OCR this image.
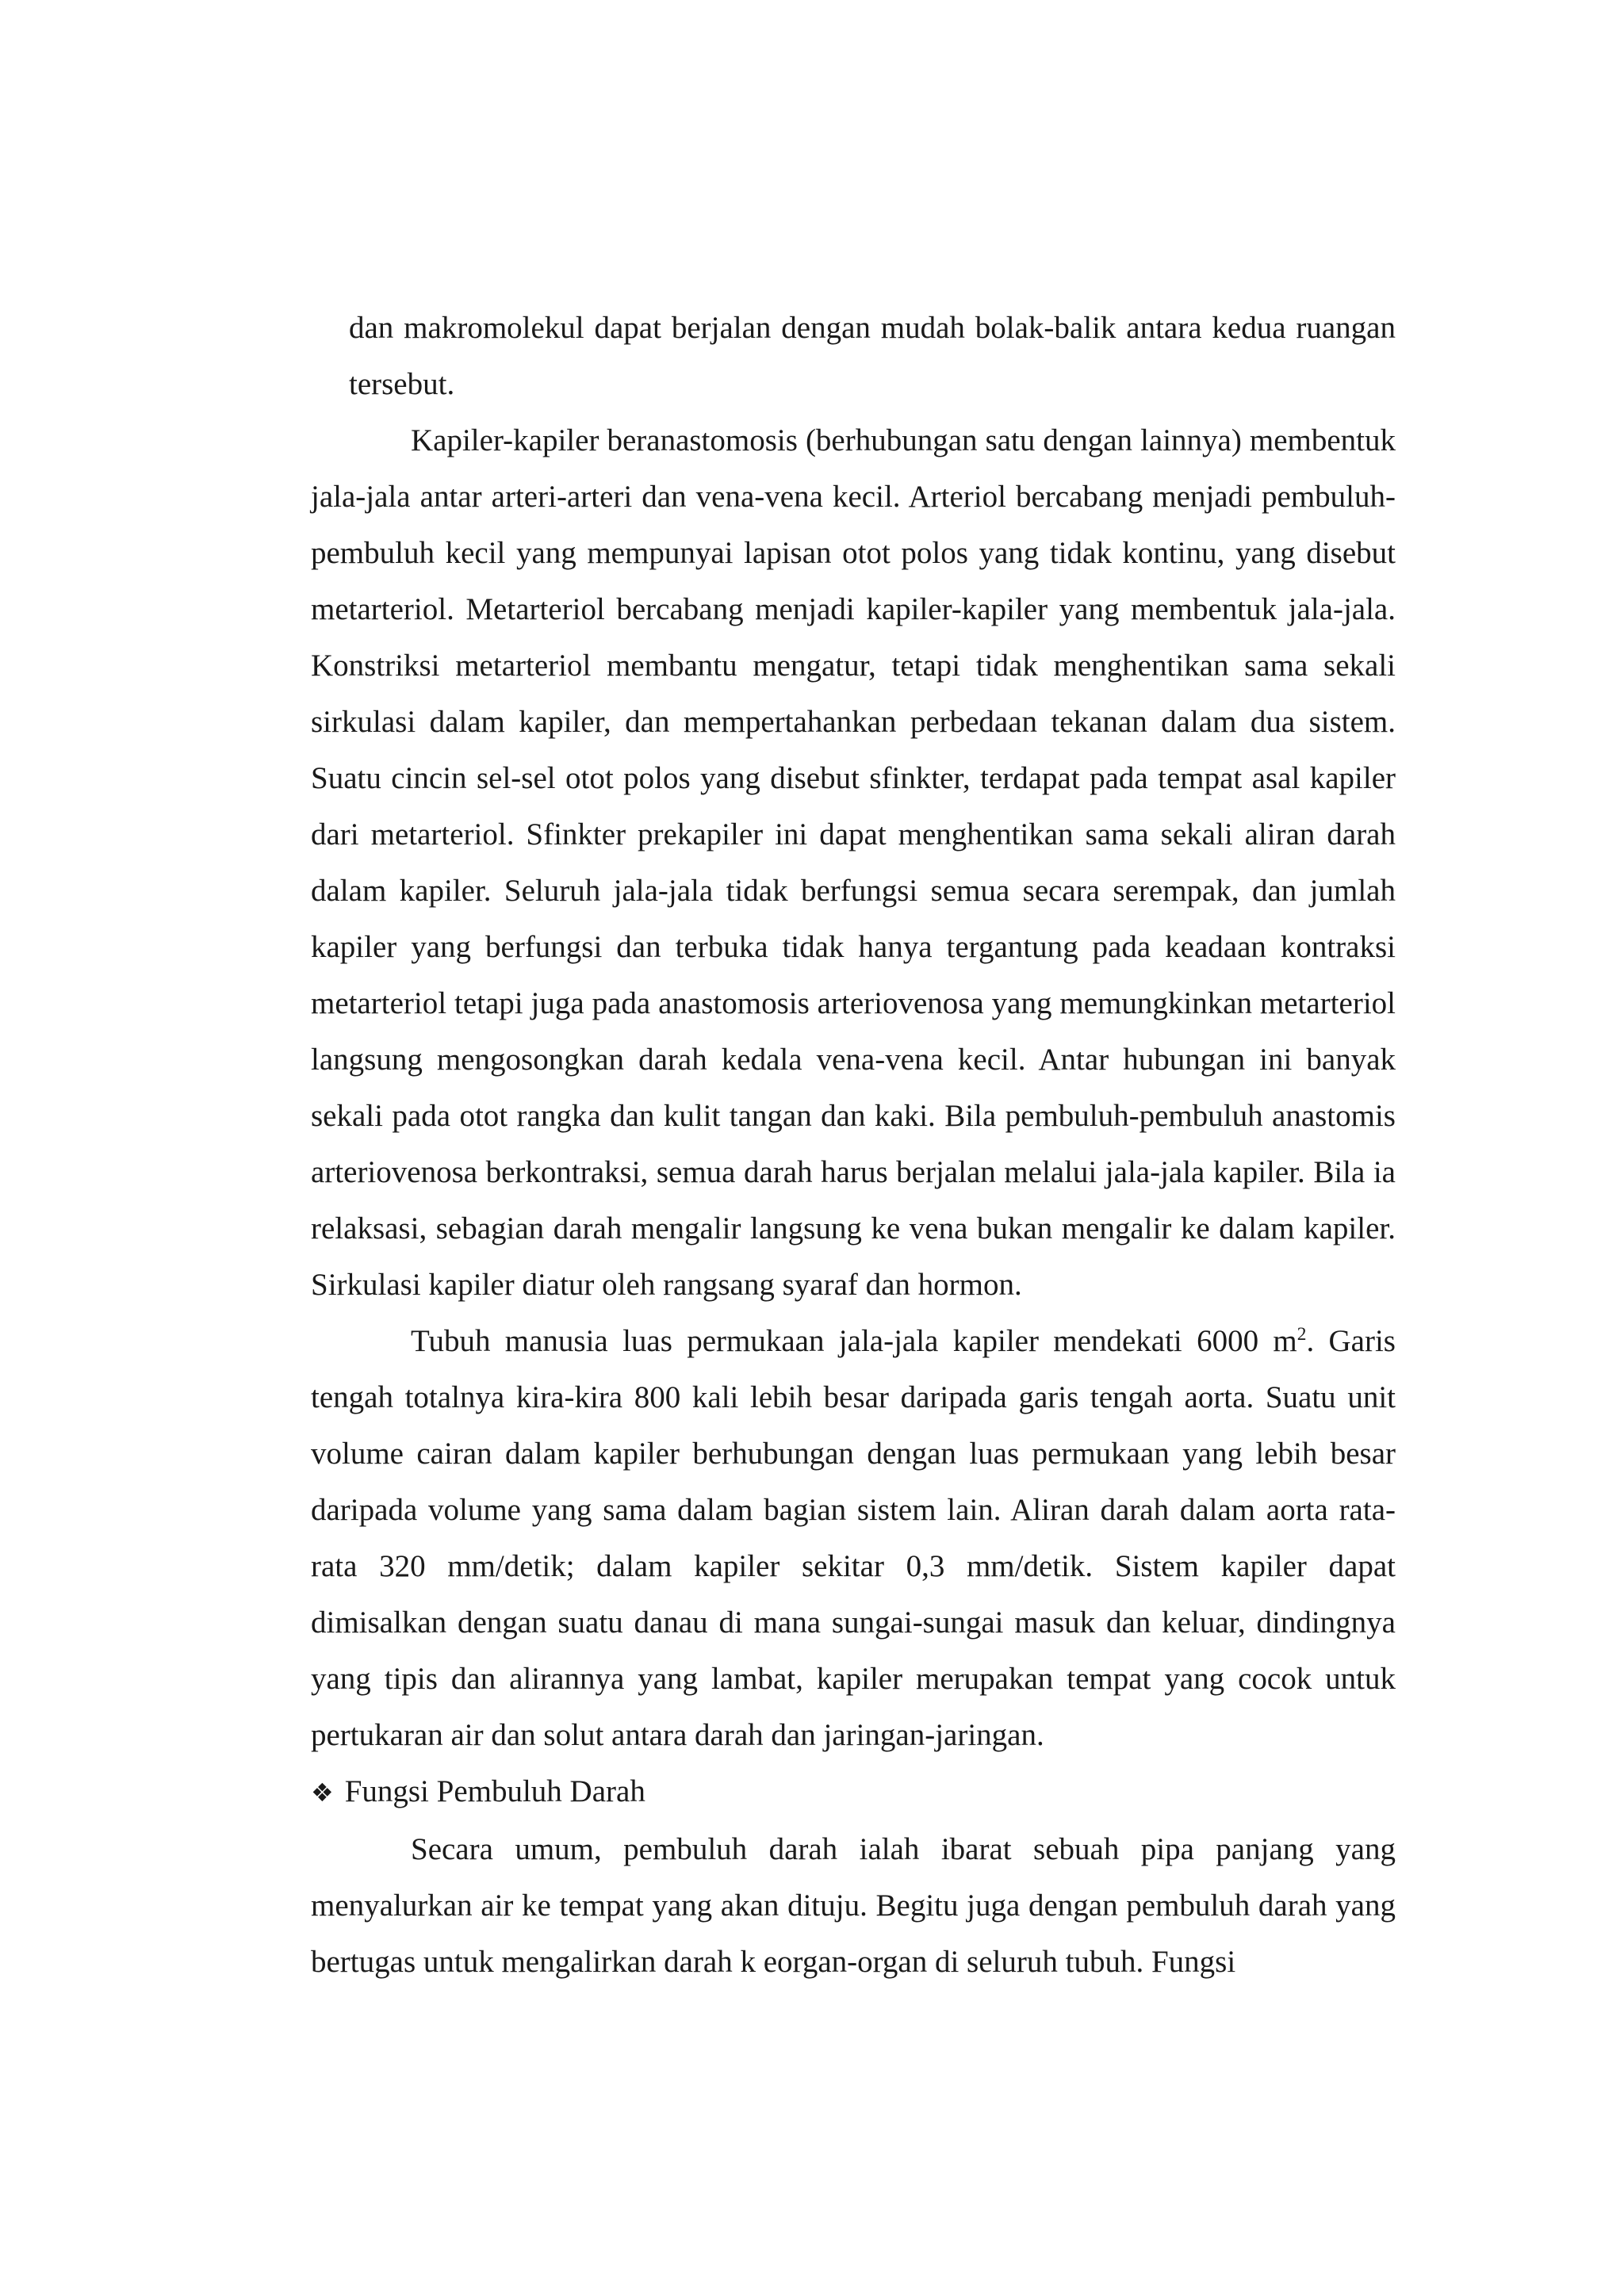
dan makromolekul dapat berjalan dengan mudah bolak-balik antara kedua ruangan tersebut.

Kapiler-kapiler beranastomosis (berhubungan satu dengan lainnya) membentuk jala-jala antar arteri-arteri dan vena-vena kecil. Arteriol bercabang menjadi pembuluh-pembuluh kecil yang mempunyai lapisan otot polos yang tidak kontinu, yang disebut metarteriol. Metarteriol bercabang menjadi kapiler-kapiler yang membentuk jala-jala. Konstriksi metarteriol membantu mengatur, tetapi tidak menghentikan sama sekali sirkulasi dalam kapiler, dan mempertahankan perbedaan tekanan dalam dua sistem. Suatu cincin sel-sel otot polos yang disebut sfinkter, terdapat pada tempat asal kapiler dari metarteriol. Sfinkter prekapiler ini dapat menghentikan sama sekali aliran darah dalam kapiler. Seluruh jala-jala tidak berfungsi semua secara serempak, dan jumlah kapiler yang berfungsi dan terbuka tidak hanya tergantung pada keadaan kontraksi metarteriol tetapi juga pada anastomosis arteriovenosa yang memungkinkan metarteriol langsung mengosongkan darah kedala vena-vena kecil. Antar hubungan ini banyak sekali pada otot rangka dan kulit tangan dan kaki. Bila pembuluh-pembuluh anastomis arteriovenosa berkontraksi, semua darah harus berjalan melalui jala-jala kapiler. Bila ia relaksasi, sebagian darah mengalir langsung ke vena bukan mengalir ke dalam kapiler. Sirkulasi kapiler diatur oleh rangsang syaraf dan hormon.

Tubuh manusia luas permukaan jala-jala kapiler mendekati 6000 $m^2$. Garis tengah totalnya kira-kira 800 kali lebih besar daripada garis tengah aorta. Suatu unit volume cairan dalam kapiler berhubungan dengan luas permukaan yang lebih besar daripada volume yang sama dalam bagian sistem lain. Aliran darah dalam aorta rata-rata 320 mm/detik; dalam kapiler sekitar 0,3 mm/detik. Sistem kapiler dapat dimisalkan dengan suatu danau di mana sungai-sungai masuk dan keluar, dindingnya yang tipis dan alirannya yang lambat, kapiler merupakan tempat yang cocok untuk pertukaran air dan solut antara darah dan jaringan-jaringan.

❖ Fungsi Pembuluh Darah

Secara umum, pembuluh darah ialah ibarat sebuah pipa panjang yang menyalurkan air ke tempat yang akan dituju. Begitu juga dengan pembuluh darah yang bertugas untuk mengalirkan darah k eorgan-organ di seluruh tubuh. Fungsi
